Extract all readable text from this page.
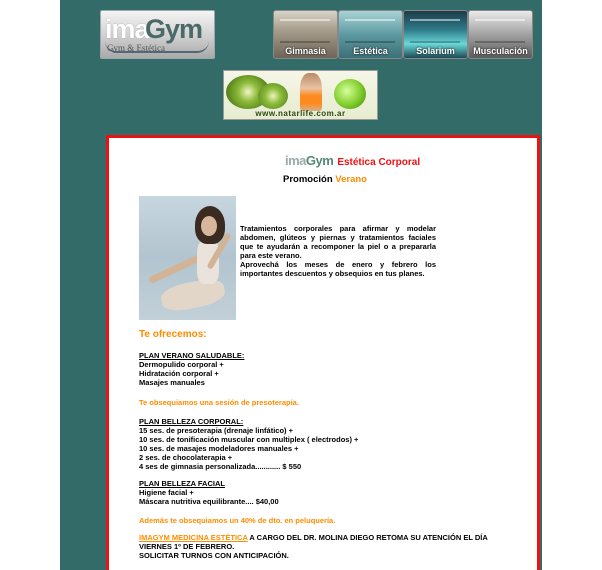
ima
Gym
Gym & Estética	Gimnasia	Estética	Solarium	Musculación
www.natarlife.com.ar
imaGym Estética Corporal
Promoción Verano
Tratamientos corporales para afirmar y modelar abdomen, glúteos y piernas y tratamientos faciales que te ayudarán a recomponer la piel o a prepararla para este verano.
Aprovechá los meses de enero y febrero los importantes descuentos y obsequios en tus planes.
Te ofrecemos:
PLAN VERANO SALUDABLE:
Dermopulido corporal +
Hidratación corporal +
Masajes manuales
Te obsequiamos una sesión de presoterapia.
PLAN BELLEZA CORPORAL:
15 ses. de presoterapia (drenaje linfático) +
10 ses. de tonificación muscular con multiplex ( electrodos) +
10 ses. de masajes modeladores manuales +
2 ses. de chocolaterapia +
4 ses de gimnasia personalizada............ $ 550
PLAN BELLEZA FACIAL
Higiene facial +
Máscara nutritiva equilibrante.... $40,00
Además te obsequiamos un 40% de dto. en peluquería.
IMAGYM MEDICINA ESTÉTICA A CARGO DEL DR. MOLINA DIEGO RETOMA SU ATENCIÓN EL DÍA VIERNES 1º DE FEBRERO.
SOLICITAR TURNOS CON ANTICIPACIÓN.
